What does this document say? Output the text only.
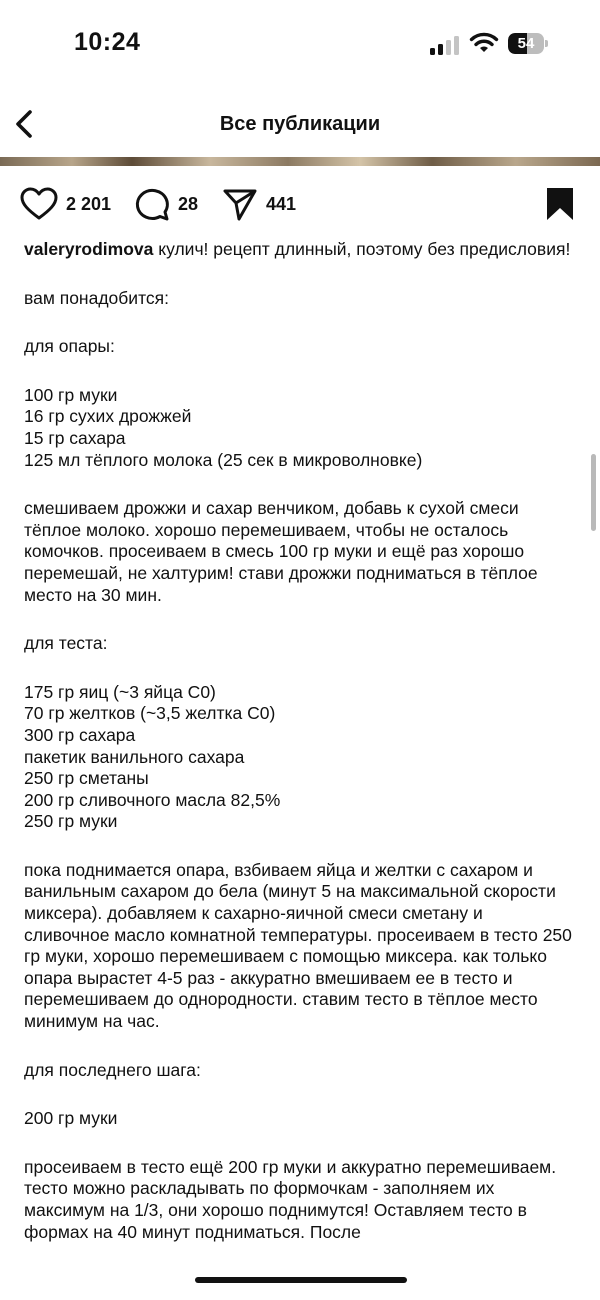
10:24	54
Все публикации
2 201	28	441

valeryrodimova кулич! рецепт длинный, поэтому без предисловия!

вам понадобится:

для опары:

100 гр муки
16 гр сухих дрожжей
15 гр сахара
125 мл тёплого молока (25 сек в микроволновке)

смешиваем дрожжи и сахар венчиком, добавь к сухой смеси тёплое молоко. хорошо перемешиваем, чтобы не осталось комочков. просеиваем в смесь 100 гр муки и ещё раз хорошо перемешай, не халтурим! стави дрожжи подниматься в тёплое место на 30 мин.

для теста:

175 гр яиц (~3 яйца С0)
70 гр желтков (~3,5 желтка С0)
300 гр сахара
пакетик ванильного сахара
250 гр сметаны
200 гр сливочного масла 82,5%
250 гр муки

пока поднимается опара, взбиваем яйца и желтки с сахаром и ванильным сахаром до бела (минут 5 на максимальной скорости миксера). добавляем к сахарно-яичной смеси сметану и сливочное масло комнатной температуры. просеиваем в тесто 250 гр муки, хорошо перемешиваем с помощью миксера. как только опара вырастет 4-5 раз - аккуратно вмешиваем ее в тесто и перемешиваем до однородности. ставим тесто в тёплое место минимум на час.

для последнего шага:

200 гр муки

просеиваем в тесто ещё 200 гр муки и аккуратно перемешиваем. тесто можно раскладывать по формочкам - заполняем их максимум на 1/3, они хорошо поднимутся! Оставляем тесто в формах на 40 минут подниматься. После
